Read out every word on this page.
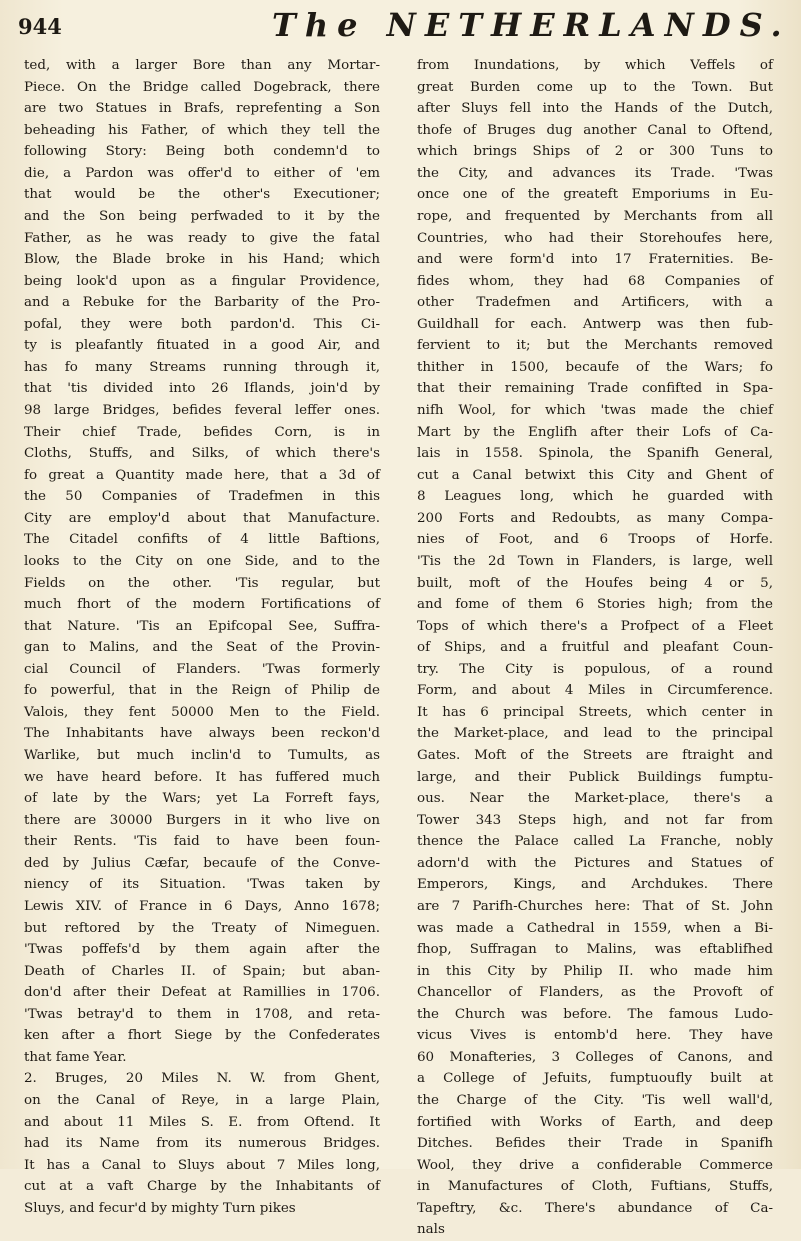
944	The NETHERLANDS.
ted, with a larger Bore than any Mortar-
Piece. On the Bridge called Dogebrack, there
are two Statues in Brafs, reprefenting a Son
beheading his Father, of which they tell the
following Story: Being both condemn'd to
die, a Pardon was offer'd to either of 'em
that would be the other's Executioner;
and the Son being perfwaded to it by the
Father, as he was ready to give the fatal
Blow, the Blade broke in his Hand; which
being look'd upon as a fingular Providence,
and a Rebuke for the Barbarity of the Pro-
pofal, they were both pardon'd. This Ci-
ty is pleafantly fituated in a good Air, and
has fo many Streams running through it,
that 'tis divided into 26 Iflands, join'd by
98 large Bridges, befides feveral leffer ones.
Their chief Trade, befides Corn, is in
Cloths, Stuffs, and Silks, of which there's
fo great a Quantity made here, that a 3d of
the 50 Companies of Tradefmen in this
City are employ'd about that Manufacture.
The Citadel confifts of 4 little Baftions,
looks to the City on one Side, and to the
Fields on the other. 'Tis regular, but
much fhort of the modern Fortifications of
that Nature. 'Tis an Epifcopal See, Suffra-
gan to Malins, and the Seat of the Provin-
cial Council of Flanders. 'Twas formerly
fo powerful, that in the Reign of Philip de
Valois, they fent 50000 Men to the Field.
The Inhabitants have always been reckon'd
Warlike, but much inclin'd to Tumults, as
we have heard before. It has fuffered much
of late by the Wars; yet La Forreft fays,
there are 30000 Burgers in it who live on
their Rents. 'Tis faid to have been foun-
ded by Julius Cæfar, becaufe of the Conve-
niency of its Situation. 'Twas taken by
Lewis XIV. of France in 6 Days, Anno 1678;
but reftored by the Treaty of Nimeguen.
'Twas poffefs'd by them again after the
Death of Charles II. of Spain; but aban-
don'd after their Defeat at Ramillies in 1706.
'Twas betray'd to them in 1708, and reta-
ken after a fhort Siege by the Confederates
that fame Year.
2. Bruges, 20 Miles N. W. from Ghent,
on the Canal of Reye, in a large Plain,
and about 11 Miles S. E. from Oftend. It
had its Name from its numerous Bridges.
It has a Canal to Sluys about 7 Miles long,
cut at a vaft Charge by the Inhabitants of
Sluys, and fecur'd by mighty Turn pikes
from Inundations, by which Veffels of
great Burden come up to the Town. But
after Sluys fell into the Hands of the Dutch,
thofe of Bruges dug another Canal to Oftend,
which brings Ships of 2 or 300 Tuns to
the City, and advances its Trade. 'Twas
once one of the greateft Emporiums in Eu-
rope, and frequented by Merchants from all
Countries, who had their Storehoufes here,
and were form'd into 17 Fraternities. Be-
fides whom, they had 68 Companies of
other Tradefmen and Artificers, with a
Guildhall for each. Antwerp was then fub-
fervient to it; but the Merchants removed
thither in 1500, becaufe of the Wars; fo
that their remaining Trade confifted in Spa-
nifh Wool, for which 'twas made the chief
Mart by the Englifh after their Lofs of Ca-
lais in 1558. Spinola, the Spanifh General,
cut a Canal betwixt this City and Ghent of
8 Leagues long, which he guarded with
200 Forts and Redoubts, as many Compa-
nies of Foot, and 6 Troops of Horfe.
'Tis the 2d Town in Flanders, is large, well
built, moft of the Houfes being 4 or 5,
and fome of them 6 Stories high; from the
Tops of which there's a Profpect of a Fleet
of Ships, and a fruitful and pleafant Coun-
try. The City is populous, of a round
Form, and about 4 Miles in Circumference.
It has 6 principal Streets, which center in
the Market-place, and lead to the principal
Gates. Moft of the Streets are ftraight and
large, and their Publick Buildings fumptu-
ous. Near the Market-place, there's a
Tower 343 Steps high, and not far from
thence the Palace called La Franche, nobly
adorn'd with the Pictures and Statues of
Emperors, Kings, and Archdukes. There
are 7 Parifh-Churches here: That of St. John
was made a Cathedral in 1559, when a Bi-
fhop, Suffragan to Malins, was eftablifhed
in this City by Philip II. who made him
Chancellor of Flanders, as the Provoft of
the Church was before. The famous Ludo-
vicus Vives is entomb'd here. They have
60 Monafteries, 3 Colleges of Canons, and
a College of Jefuits, fumptuoufly built at
the Charge of the City. 'Tis well wall'd,
fortified with Works of Earth, and deep
Ditches. Befides their Trade in Spanifh
Wool, they drive a confiderable Commerce
in Manufactures of Cloth, Fuftians, Stuffs,
Tapeftry, &c. There's abundance of Ca-
nals
